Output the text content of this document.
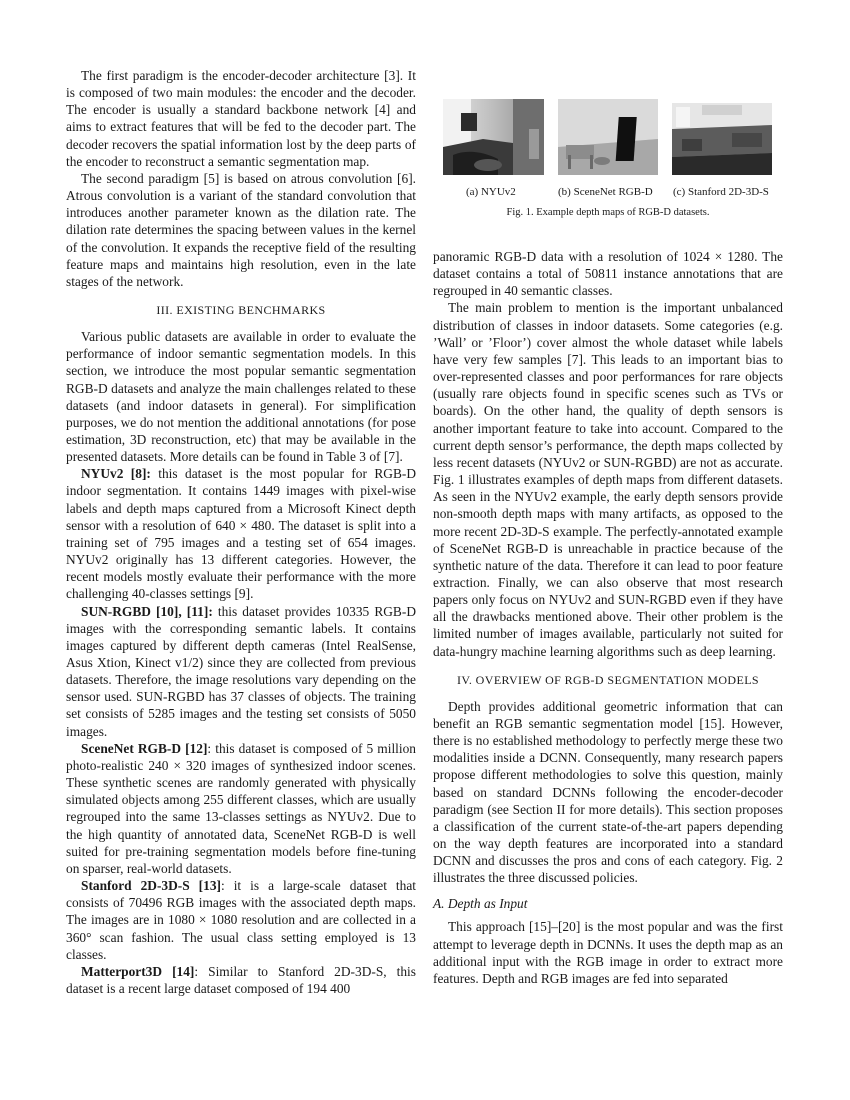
The first paradigm is the encoder-decoder architecture [3]. It is composed of two main modules: the encoder and the decoder. The encoder is usually a standard backbone network [4] and aims to extract features that will be fed to the decoder part. The decoder recovers the spatial information lost by the deep parts of the encoder to reconstruct a semantic segmentation map.

The second paradigm [5] is based on atrous convolution [6]. Atrous convolution is a variant of the standard convolution that introduces another parameter known as the dilation rate. The dilation rate determines the spacing between values in the kernel of the convolution. It expands the receptive field of the resulting feature maps and maintains high resolution, even in the late stages of the network.

III. EXISTING BENCHMARKS

Various public datasets are available in order to evaluate the performance of indoor semantic segmentation models. In this section, we introduce the most popular semantic segmentation RGB-D datasets and analyze the main challenges related to these datasets (and indoor datasets in general). For simplification purposes, we do not mention the additional annotations (for pose estimation, 3D reconstruction, etc) that may be available in the presented datasets. More details can be found in Table 3 of [7].

NYUv2 [8]: this dataset is the most popular for RGB-D indoor segmentation. It contains 1449 images with pixel-wise labels and depth maps captured from a Microsoft Kinect depth sensor with a resolution of 640 × 480. The dataset is split into a training set of 795 images and a testing set of 654 images. NYUv2 originally has 13 different categories. However, the recent models mostly evaluate their performance with the more challenging 40-classes settings [9].

SUN-RGBD [10], [11]: this dataset provides 10335 RGB-D images with the corresponding semantic labels. It contains images captured by different depth cameras (Intel RealSense, Asus Xtion, Kinect v1/2) since they are collected from previous datasets. Therefore, the image resolutions vary depending on the sensor used. SUN-RGBD has 37 classes of objects. The training set consists of 5285 images and the testing set consists of 5050 images.

SceneNet RGB-D [12]: this dataset is composed of 5 million photo-realistic 240 × 320 images of synthesized indoor scenes. These synthetic scenes are randomly generated with physically simulated objects among 255 different classes, which are usually regrouped into the same 13-classes settings as NYUv2. Due to the high quantity of annotated data, SceneNet RGB-D is well suited for pre-training segmentation models before fine-tuning on sparser, real-world datasets.

Stanford 2D-3D-S [13]: it is a large-scale dataset that consists of 70496 RGB images with the associated depth maps. The images are in 1080 × 1080 resolution and are collected in a 360° scan fashion. The usual class setting employed is 13 classes.

Matterport3D [14]: Similar to Stanford 2D-3D-S, this dataset is a recent large dataset composed of 194 400

(a) NYUv2	(b) SceneNet RGB-D (c) Stanford 2D-3D-S
Fig. 1. Example depth maps of RGB-D datasets.

panoramic RGB-D data with a resolution of 1024 × 1280. The dataset contains a total of 50811 instance annotations that are regrouped in 40 semantic classes.

The main problem to mention is the important unbalanced distribution of classes in indoor datasets. Some categories (e.g. ’Wall’ or ’Floor’) cover almost the whole dataset while labels have very few samples [7]. This leads to an important bias to over-represented classes and poor performances for rare objects (usually rare objects found in specific scenes such as TVs or boards). On the other hand, the quality of depth sensors is another important feature to take into account. Compared to the current depth sensor’s performance, the depth maps collected by less recent datasets (NYUv2 or SUN-RGBD) are not as accurate. Fig. 1 illustrates examples of depth maps from different datasets. As seen in the NYUv2 example, the early depth sensors provide non-smooth depth maps with many artifacts, as opposed to the more recent 2D-3D-S example. The perfectly-annotated example of SceneNet RGB-D is unreachable in practice because of the synthetic nature of the data. Therefore it can lead to poor feature extraction. Finally, we can also observe that most research papers only focus on NYUv2 and SUN-RGBD even if they have all the drawbacks mentioned above. Their other problem is the limited number of images available, particularly not suited for data-hungry machine learning algorithms such as deep learning.

IV. OVERVIEW OF RGB-D SEGMENTATION MODELS

Depth provides additional geometric information that can benefit an RGB semantic segmentation model [15]. However, there is no established methodology to perfectly merge these two modalities inside a DCNN. Consequently, many research papers propose different methodologies to solve this question, mainly based on standard DCNNs following the encoder-decoder paradigm (see Section II for more details). This section proposes a classification of the current state-of-the-art papers depending on the way depth features are incorporated into a standard DCNN and discusses the pros and cons of each category. Fig. 2 illustrates the three discussed policies.

A. Depth as Input

This approach [15]–[20] is the most popular and was the first attempt to leverage depth in DCNNs. It uses the depth map as an additional input with the RGB image in order to extract more features. Depth and RGB images are fed into separated
